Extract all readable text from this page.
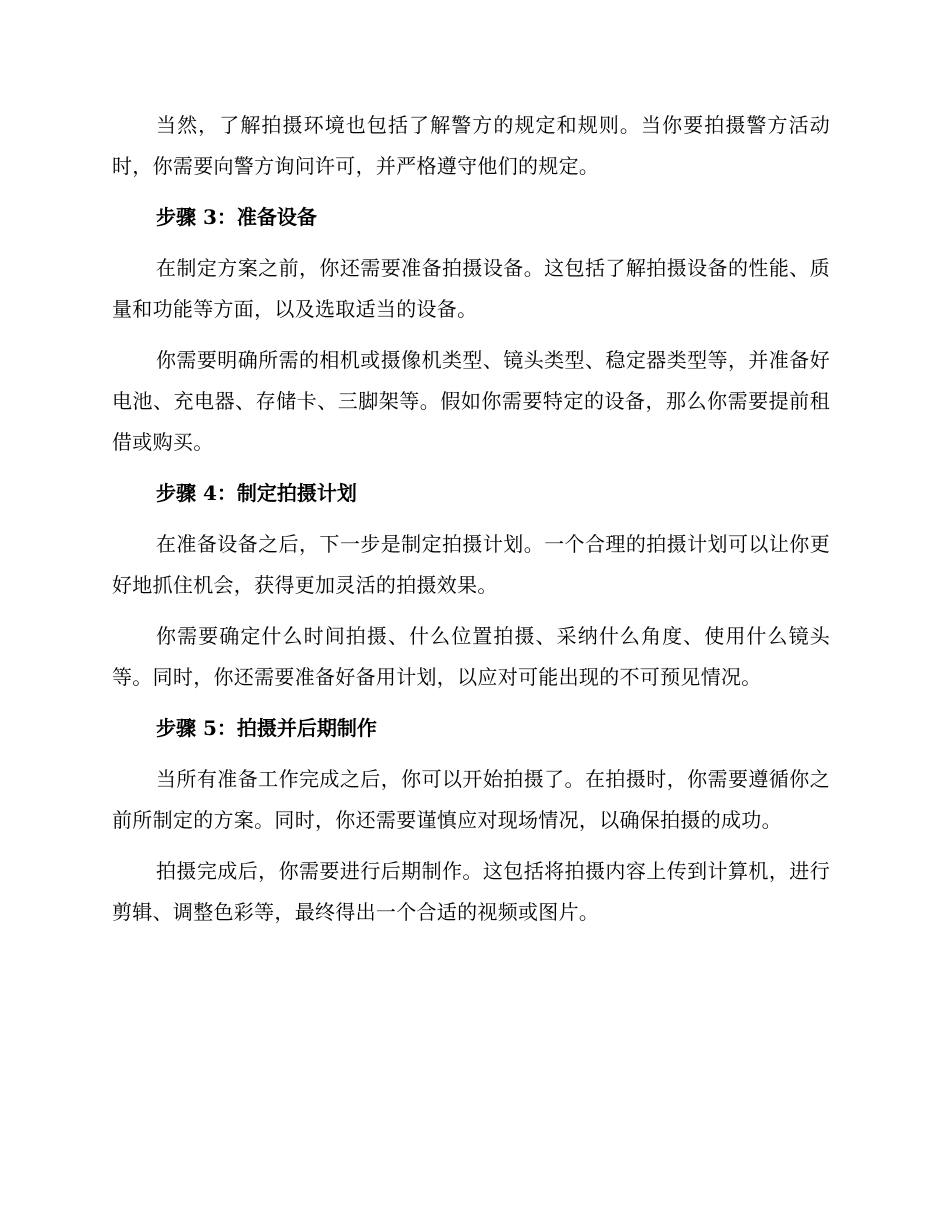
当然，了解拍摄环境也包括了解警方的规定和规则。当你要拍摄警方活动时，你需要向警方询问许可，并严格遵守他们的规定。

步骤 3：准备设备

在制定方案之前，你还需要准备拍摄设备。这包括了解拍摄设备的性能、质量和功能等方面，以及选取适当的设备。

你需要明确所需的相机或摄像机类型、镜头类型、稳定器类型等，并准备好电池、充电器、存储卡、三脚架等。假如你需要特定的设备，那么你需要提前租借或购买。

步骤 4：制定拍摄计划

在准备设备之后，下一步是制定拍摄计划。一个合理的拍摄计划可以让你更好地抓住机会，获得更加灵活的拍摄效果。

你需要确定什么时间拍摄、什么位置拍摄、采纳什么角度、使用什么镜头等。同时，你还需要准备好备用计划，以应对可能出现的不可预见情况。

步骤 5：拍摄并后期制作

当所有准备工作完成之后，你可以开始拍摄了。在拍摄时，你需要遵循你之前所制定的方案。同时，你还需要谨慎应对现场情况，以确保拍摄的成功。

拍摄完成后，你需要进行后期制作。这包括将拍摄内容上传到计算机，进行剪辑、调整色彩等，最终得出一个合适的视频或图片。
